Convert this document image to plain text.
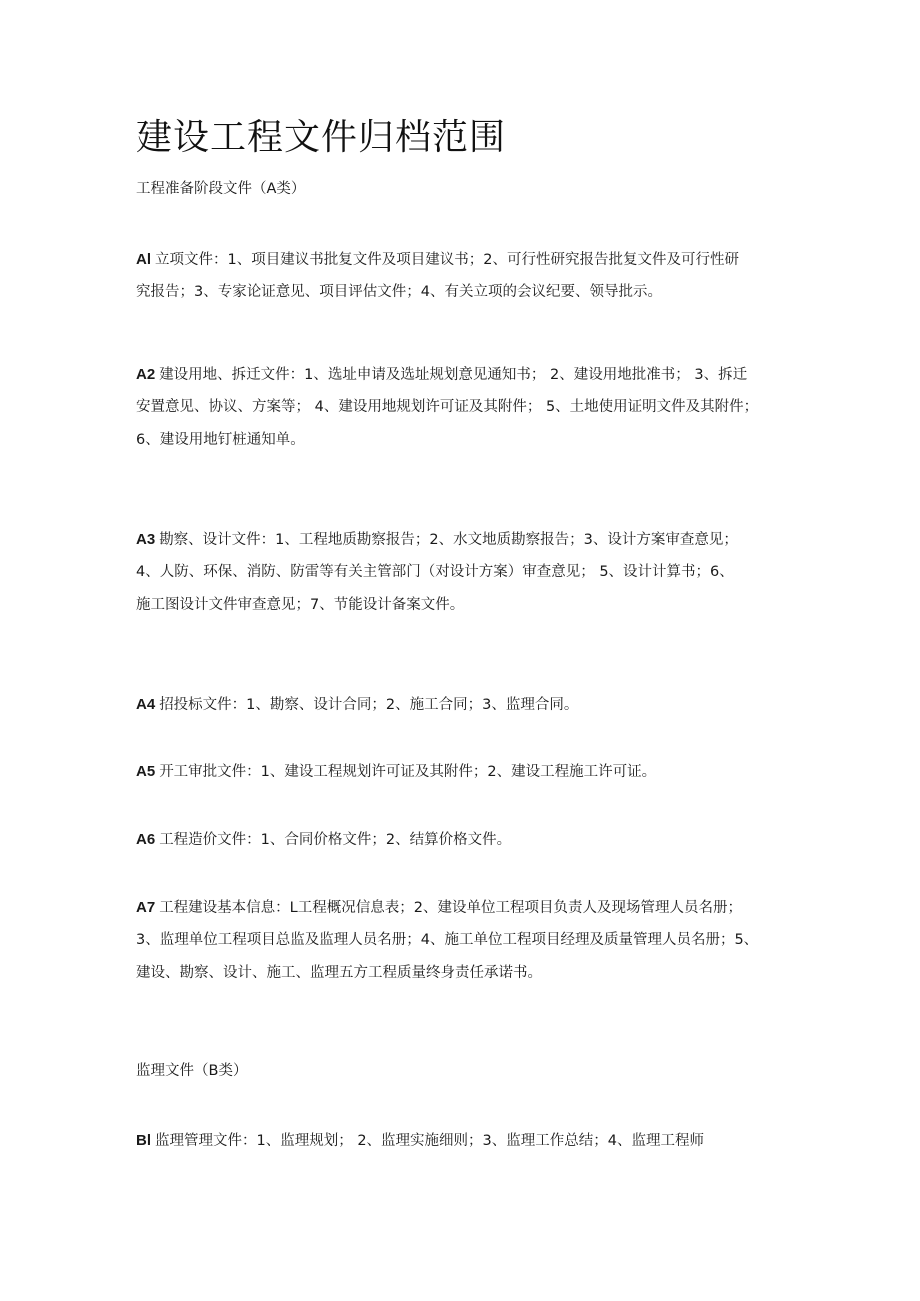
建设工程文件归档范围

工程准备阶段文件（A类）

Al 立项文件：1、项目建议书批复文件及项目建议书；2、可行性研究报告批复文件及可行性研
究报告；3、专家论证意见、项目评估文件；4、有关立项的会议纪要、领导批示。
A2 建设用地、拆迁文件：1、选址申请及选址规划意见通知书； 2、建设用地批准书； 3、拆迁
安置意见、协议、方案等； 4、建设用地规划许可证及其附件； 5、土地使用证明文件及其附件；
6、建设用地钉桩通知单。
A3 勘察、设计文件：1、工程地质勘察报告；2、水文地质勘察报告；3、设计方案审查意见；
4、人防、环保、消防、防雷等有关主管部门（对设计方案）审查意见； 5、设计计算书；6、
施工图设计文件审查意见；7、节能设计备案文件。
A4 招投标文件：1、勘察、设计合同；2、施工合同；3、监理合同。
A5 开工审批文件：1、建设工程规划许可证及其附件；2、建设工程施工许可证。
A6 工程造价文件：1、合同价格文件；2、结算价格文件。
A7 工程建设基本信息：L工程概况信息表；2、建设单位工程项目负责人及现场管理人员名册；
3、监理单位工程项目总监及监理人员名册；4、施工单位工程项目经理及质量管理人员名册；5、
建设、勘察、设计、施工、监理五方工程质量终身责任承诺书。

监理文件（B类）

Bl 监理管理文件：1、监理规划； 2、监理实施细则；3、监理工作总结；4、监理工程师
